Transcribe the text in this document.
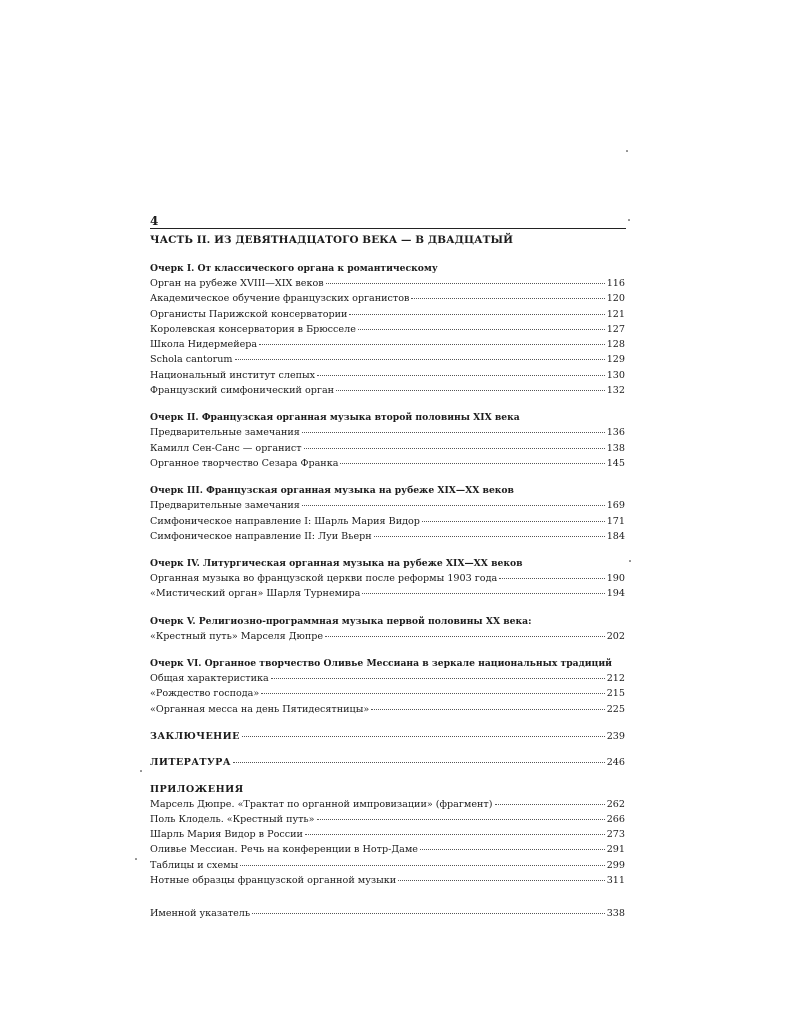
4
ЧАСТЬ II. ИЗ ДЕВЯТНАДЦАТОГО ВЕКА — В ДВАДЦАТЫЙ
Очерк I. От классического органа к романтическому
Орган на рубеже XVIII—XIX веков	116
Академическое обучение французских органистов	120
Органисты Парижской консерватории	121
Королевская консерватория в Брюсселе	127
Школа Нидермейера	128
Schola cantorum	129
Национальный институт слепых	130
Французский симфонический орган	132
Очерк II. Французская органная музыка второй половины XIX века
Предварительные замечания	136
Камилл Сен-Санс — органист	138
Органное творчество Сезара Франка	145
Очерк III. Французская органная музыка на рубеже XIX—XX веков
Предварительные замечания	169
Симфоническое направление I: Шарль Мария Видор	171
Симфоническое направление II: Луи Вьерн	184
Очерк IV. Литургическая органная музыка на рубеже XIX—XX веков
Органная музыка во французской церкви после реформы 1903 года	190
«Мистический орган» Шарля Турнемира	194
Очерк V. Религиозно-программная музыка первой половины XX века:
«Крестный путь» Марселя Дюпре	202
Очерк VI. Органное творчество Оливье Мессиана в зеркале национальных традиций
Общая характеристика	212
«Рождество господа»	215
«Органная месса на день Пятидесятницы»	225
ЗАКЛЮЧЕНИЕ	239
ЛИТЕРАТУРА	246
ПРИЛОЖЕНИЯ
Марсель Дюпре. «Трактат по органной импровизации» (фрагмент)	262
Поль Клодель. «Крестный путь»	266
Шарль Мария Видор в России	273
Оливье Мессиан. Речь на конференции в Нотр-Даме	291
Таблицы и схемы	299
Нотные образцы французской органной музыки	311
Именной указатель	338
